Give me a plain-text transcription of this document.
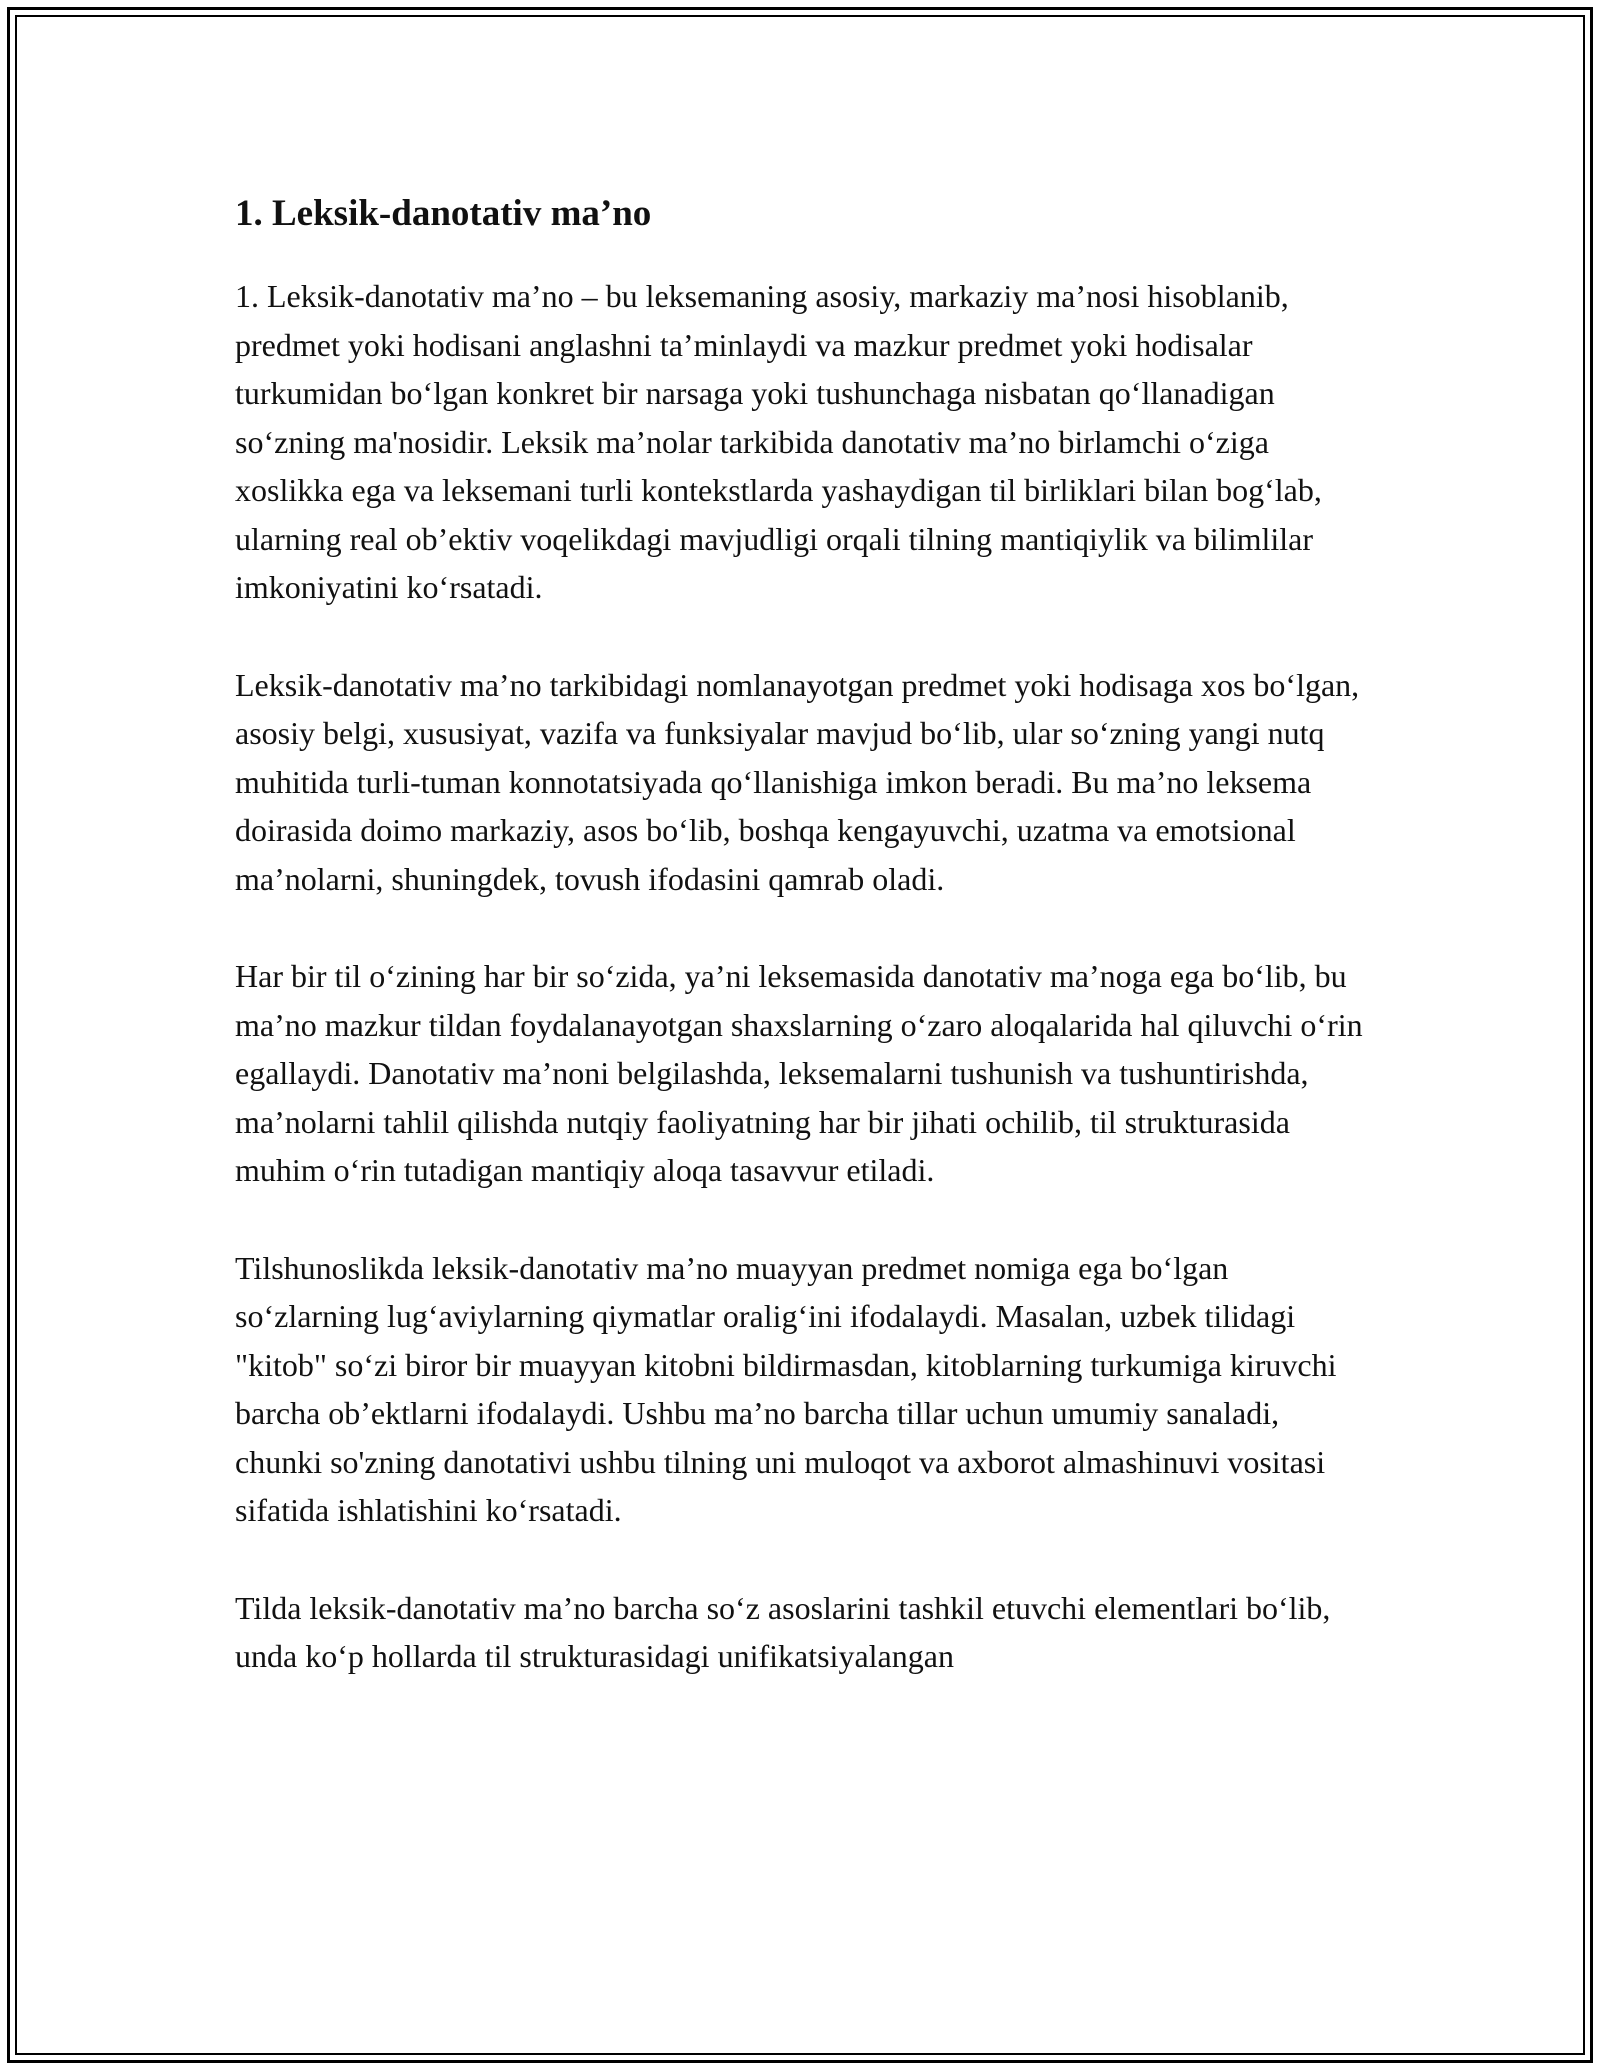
1. Leksik-danotativ ma’no

1. Leksik-danotativ ma’no – bu leksemaning asosiy, markaziy ma’nosi hisoblanib, predmet yoki hodisani anglashni ta’minlaydi va mazkur predmet yoki hodisalar turkumidan bo‘lgan konkret bir narsaga yoki tushunchaga nisbatan qo‘llanadigan so‘zning ma'nosidir. Leksik ma’nolar tarkibida danotativ ma’no birlamchi o‘ziga xoslikka ega va leksemani turli kontekstlarda yashaydigan til birliklari bilan bog‘lab, ularning real ob’ektiv voqelikdagi mavjudligi orqali tilning mantiqiylik va bilimlilar imkoniyatini ko‘rsatadi.

Leksik-danotativ ma’no tarkibidagi nomlanayotgan predmet yoki hodisaga xos bo‘lgan, asosiy belgi, xususiyat, vazifa va funksiyalar mavjud bo‘lib, ular so‘zning yangi nutq muhitida turli-tuman konnotatsiyada qo‘llanishiga imkon beradi. Bu ma’no leksema doirasida doimo markaziy, asos bo‘lib, boshqa kengayuvchi, uzatma va emotsional ma’nolarni, shuningdek, tovush ifodasini qamrab oladi.

Har bir til o‘zining har bir so‘zida, ya’ni leksemasida danotativ ma’noga ega bo‘lib, bu ma’no mazkur tildan foydalanayotgan shaxslarning o‘zaro aloqalarida hal qiluvchi o‘rin egallaydi. Danotativ ma’noni belgilashda, leksemalarni tushunish va tushuntirishda, ma’nolarni tahlil qilishda nutqiy faoliyatning har bir jihati ochilib, til strukturasida muhim o‘rin tutadigan mantiqiy aloqa tasavvur etiladi.

Tilshunoslikda leksik-danotativ ma’no muayyan predmet nomiga ega bo‘lgan so‘zlarning lug‘aviylarning qiymatlar oralig‘ini ifodalaydi. Masalan, uzbek tilidagi "kitob" so‘zi biror bir muayyan kitobni bildirmasdan, kitoblarning turkumiga kiruvchi barcha ob’ektlarni ifodalaydi. Ushbu ma’no barcha tillar uchun umumiy sanaladi, chunki so'zning danotativi ushbu tilning uni muloqot va axborot almashinuvi vositasi sifatida ishlatishini ko‘rsatadi.

Tilda leksik-danotativ ma’no barcha so‘z asoslarini tashkil etuvchi elementlari bo‘lib, unda ko‘p hollarda til strukturasidagi unifikatsiyalangan
